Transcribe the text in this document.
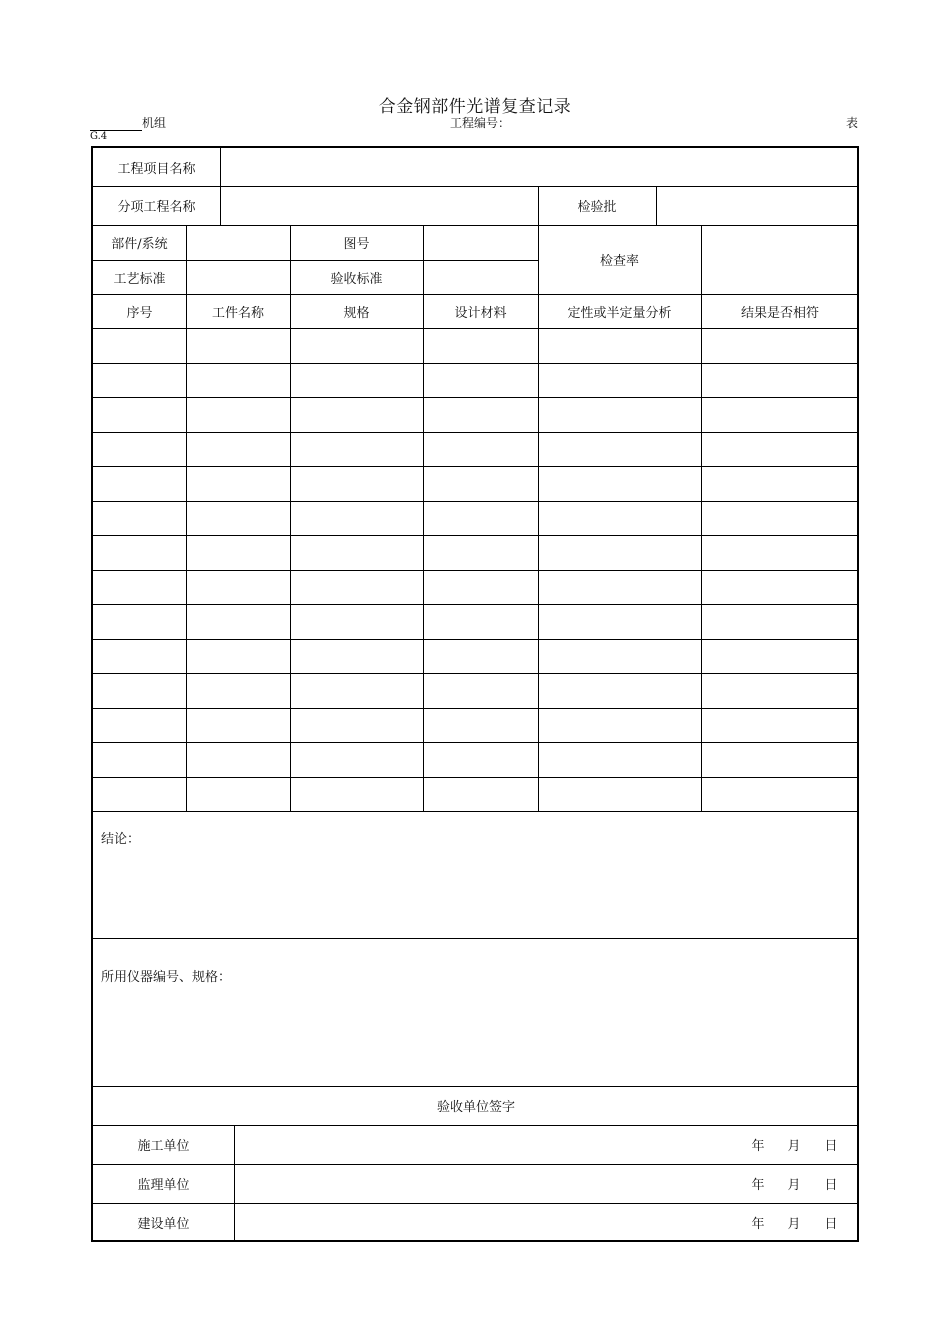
合金钢部件光谱复查记录
机组	工程编号：	表
G.4
工程项目名称
分项工程名称	检验批
部件/系统	图号
检查率
工艺标准	验收标准
序号	工件名称	规格	设计材料	定性或半定量分析	结果是否相符
结论：
所用仪器编号、规格：
验收单位签字
施工单位	年 月 日
监理单位	年 月 日
建设单位	年 月 日
